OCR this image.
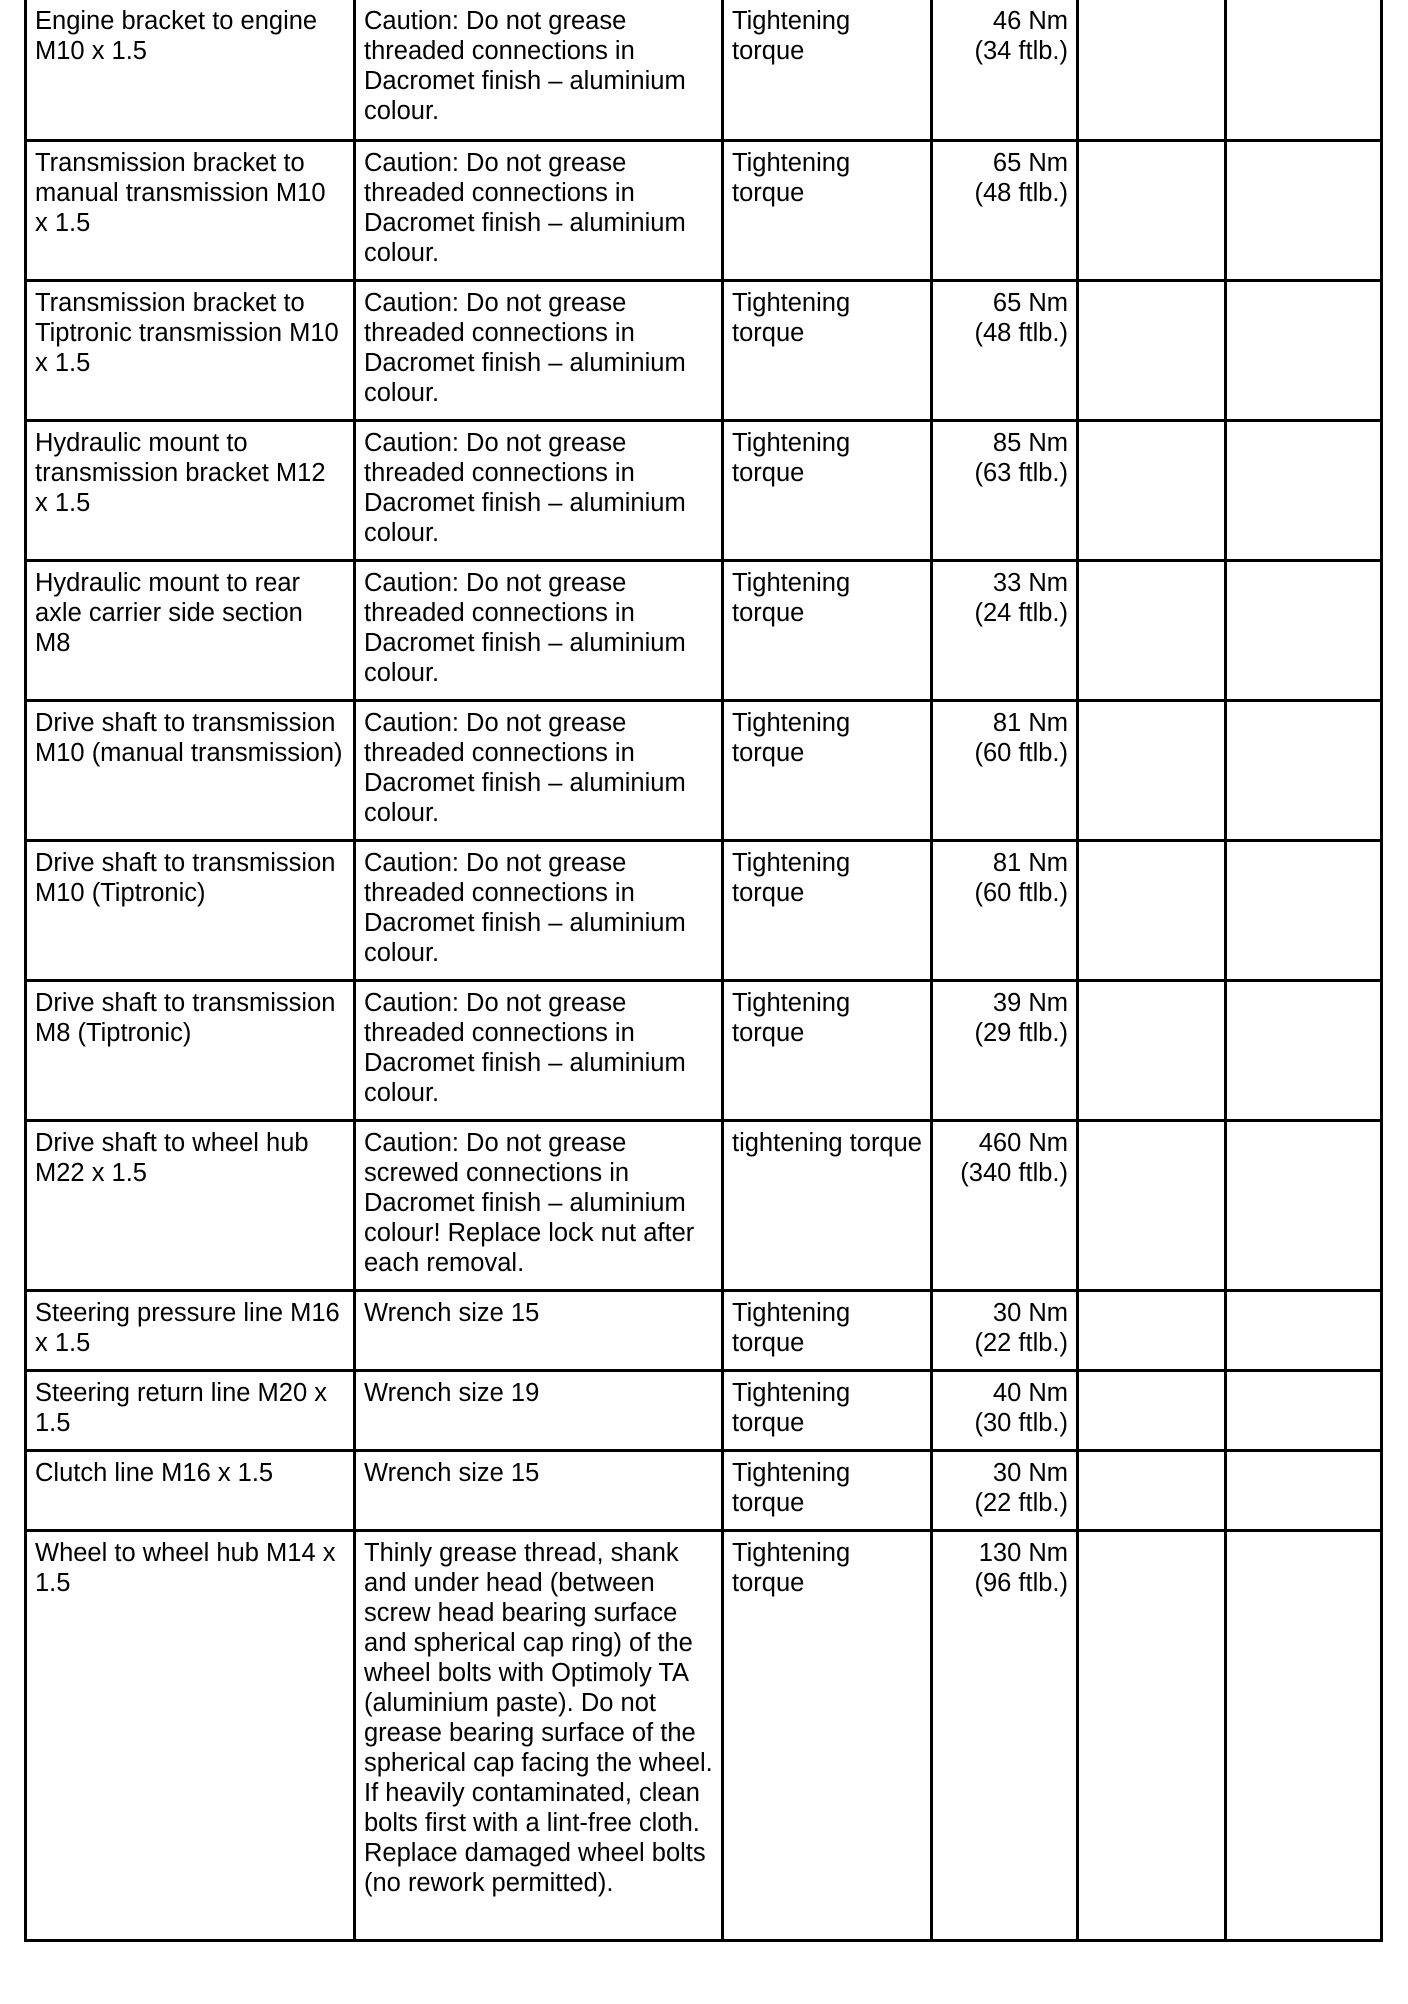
Engine bracket to engine M10 x 1.5	Caution: Do not grease threaded connections in Dacromet finish – aluminium colour.	Tightening torque	46 Nm
(34 ftlb.)		

Transmission bracket to manual transmission M10 x 1.5	Caution: Do not grease threaded connections in Dacromet finish – aluminium colour.	Tightening torque	65 Nm
(48 ftlb.)		

Transmission bracket to Tiptronic transmission M10 x 1.5	Caution: Do not grease threaded connections in Dacromet finish – aluminium colour.	Tightening torque	65 Nm
(48 ftlb.)		

Hydraulic mount to transmission bracket M12 x 1.5	Caution: Do not grease threaded connections in Dacromet finish – aluminium colour.	Tightening torque	85 Nm
(63 ftlb.)		

Hydraulic mount to rear axle carrier side section M8	Caution: Do not grease threaded connections in Dacromet finish – aluminium colour.	Tightening torque	33 Nm
(24 ftlb.)		

Drive shaft to transmission M10 (manual transmission)	Caution: Do not grease threaded connections in Dacromet finish – aluminium colour.	Tightening torque	81 Nm
(60 ftlb.)		

Drive shaft to transmission M10 (Tiptronic)	Caution: Do not grease threaded connections in Dacromet finish – aluminium colour.	Tightening torque	81 Nm
(60 ftlb.)		

Drive shaft to transmission M8 (Tiptronic)	Caution: Do not grease threaded connections in Dacromet finish – aluminium colour.	Tightening torque	39 Nm
(29 ftlb.)		

Drive shaft to wheel hub M22 x 1.5	Caution: Do not grease screwed connections in Dacromet finish – aluminium colour! Replace lock nut after each removal.	tightening torque	460 Nm
(340 ftlb.)		

Steering pressure line M16 x 1.5	Wrench size 15	Tightening torque	30 Nm
(22 ftlb.)		

Steering return line M20 x 1.5	Wrench size 19	Tightening torque	40 Nm
(30 ftlb.)		

Clutch line M16 x 1.5	Wrench size 15	Tightening torque	30 Nm
(22 ftlb.)		

Wheel to wheel hub M14 x 1.5	Thinly grease thread, shank and under head (between screw head bearing surface and spherical cap ring) of the wheel bolts with Optimoly TA (aluminium paste). Do not grease bearing surface of the spherical cap facing the wheel. If heavily contaminated, clean bolts first with a lint-free cloth. Replace damaged wheel bolts (no rework permitted).	Tightening torque	130 Nm
(96 ftlb.)		
